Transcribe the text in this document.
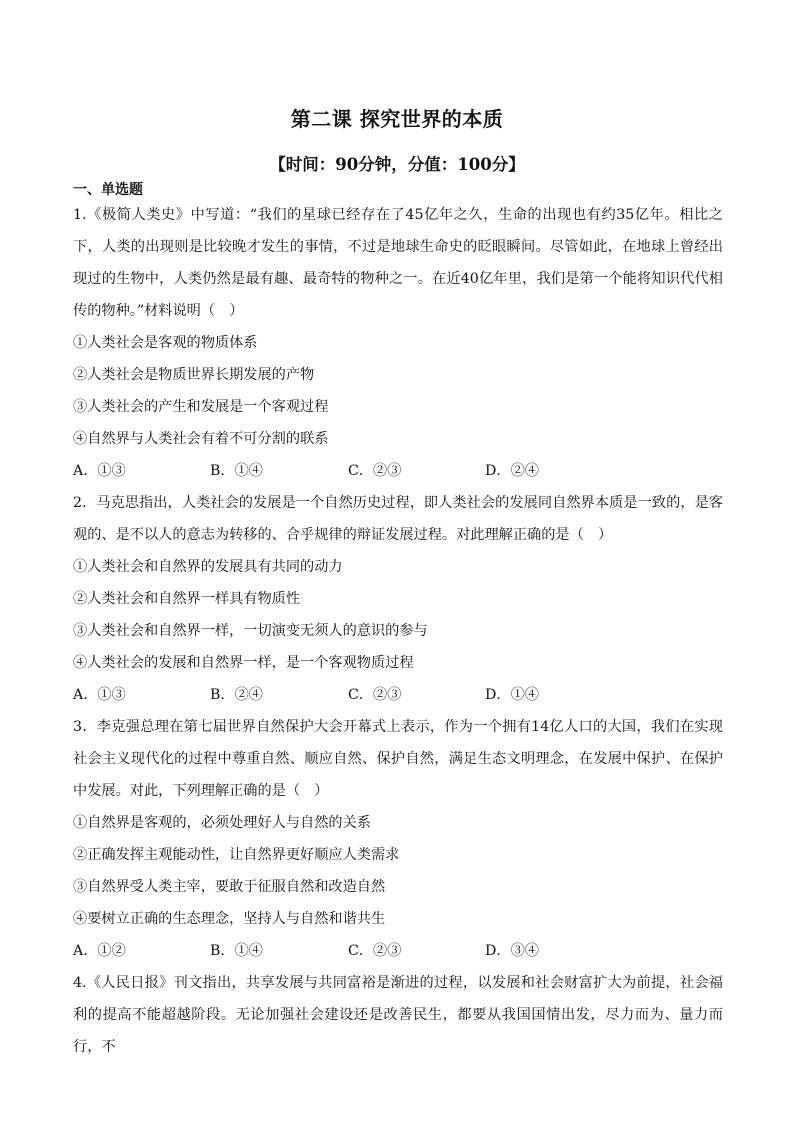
第二课 探究世界的本质
【时间：90分钟，分值：100分】
一、单选题

1.《极简人类史》中写道：“我们的星球已经存在了45亿年之久，生命的出现也有约35亿年。相比之下，人类的出现则是比较晚才发生的事情，不过是地球生命史的眨眼瞬间。尽管如此，在地球上曾经出现过的生物中，人类仍然是最有趣、最奇特的物种之一。在近40亿年里，我们是第一个能将知识代代相传的物种。”材料说明（　）

①人类社会是客观的物质体系

②人类社会是物质世界长期发展的产物

③人类社会的产生和发展是一个客观过程

④自然界与人类社会有着不可分割的联系

A．①③	B．①④	C．②③	D．②④

2．马克思指出，人类社会的发展是一个自然历史过程，即人类社会的发展同自然界本质是一致的，是客观的、是不以人的意志为转移的、合乎规律的辩证发展过程。对此理解正确的是（　）

①人类社会和自然界的发展具有共同的动力

②人类社会和自然界一样具有物质性

③人类社会和自然界一样，一切演变无须人的意识的参与

④人类社会的发展和自然界一样，是一个客观物质过程

A．①③	B．②④	C．②③	D．①④

3．李克强总理在第七届世界自然保护大会开幕式上表示，作为一个拥有14亿人口的大国，我们在实现社会主义现代化的过程中尊重自然、顺应自然、保护自然，满足生态文明理念，在发展中保护、在保护中发展。对此，下列理解正确的是（　）

①自然界是客观的，必须处理好人与自然的关系

②正确发挥主观能动性，让自然界更好顺应人类需求

③自然界受人类主宰，要敢于征服自然和改造自然

④要树立正确的生态理念，坚持人与自然和谐共生

A．①②	B．①④	C．②③	D．③④

4.《人民日报》刊文指出，共享发展与共同富裕是渐进的过程，以发展和社会财富扩大为前提，社会福利的提高不能超越阶段。无论加强社会建设还是改善民生，都要从我国国情出发，尽力而为、量力而行，不
